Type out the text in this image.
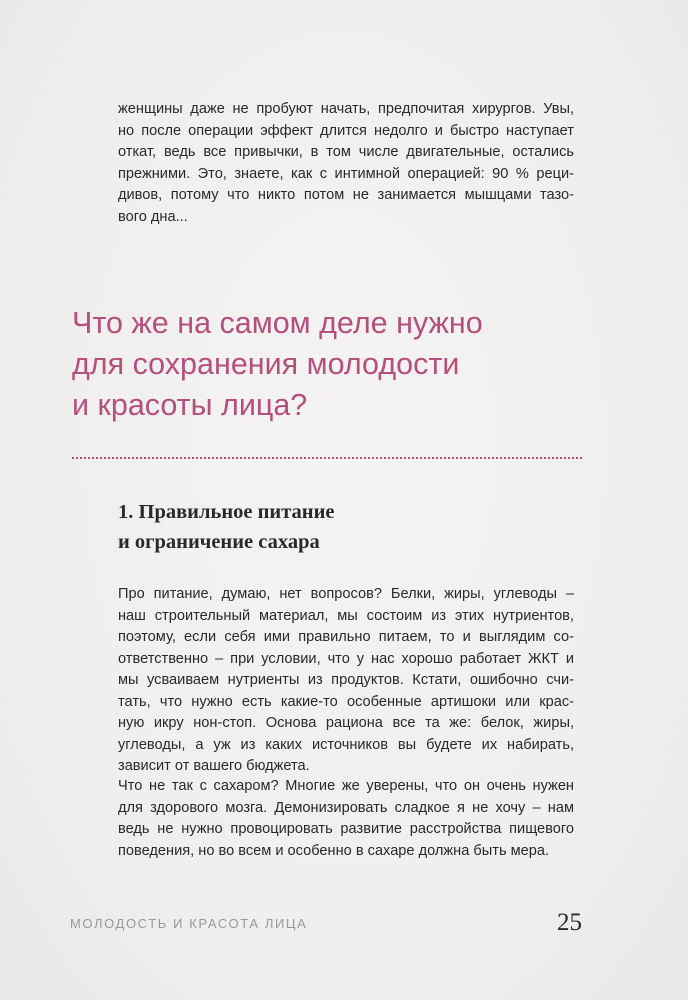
женщины даже не пробуют начать, предпочитая хирургов. Увы,
но после операции эффект длится недолго и быстро наступает
откат, ведь все привычки, в том числе двигательные, остались
прежними. Это, знаете, как с интимной операцией: 90 % реци-
дивов, потому что никто потом не занимается мышцами тазо-
вого дна...
Что же на самом деле нужно
для сохранения молодости
и красоты лица?
1. Правильное питание
и ограничение сахара
Про питание, думаю, нет вопросов? Белки, жиры, углеводы –
наш строительный материал, мы состоим из этих нутриентов,
поэтому, если себя ими правильно питаем, то и выглядим со-
ответственно – при условии, что у нас хорошо работает ЖКТ и
мы усваиваем нутриенты из продуктов. Кстати, ошибочно счи-
тать, что нужно есть какие-то особенные артишоки или крас-
ную икру нон-стоп. Основа рациона все та же: белок, жиры,
углеводы, а уж из каких источников вы будете их набирать,
зависит от вашего бюджета.
Что не так с сахаром? Многие же уверены, что он очень нужен
для здорового мозга. Демонизировать сладкое я не хочу – нам
ведь не нужно провоцировать развитие расстройства пищевого
поведения, но во всем и особенно в сахаре должна быть мера.

МОЛОДОСТЬ И КРАСОТА ЛИЦА	25
